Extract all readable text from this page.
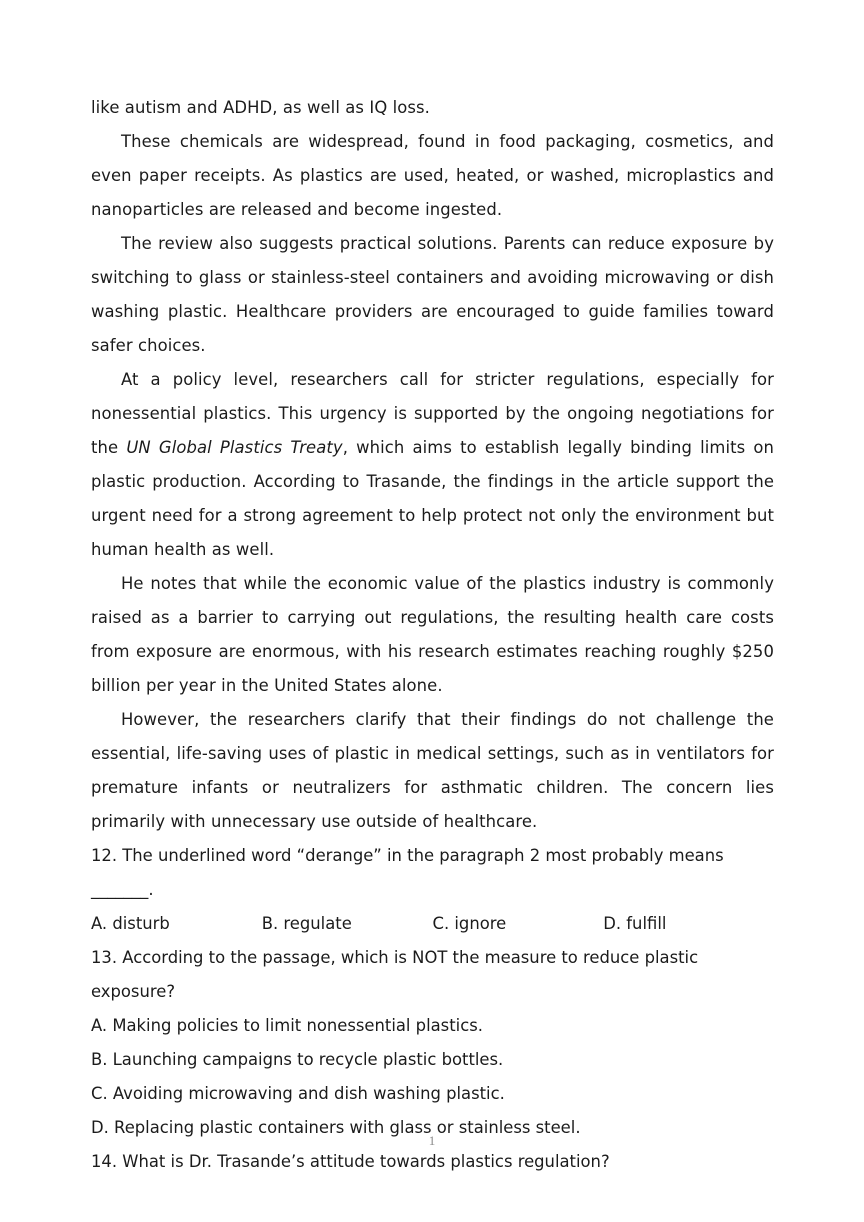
like autism and ADHD, as well as IQ loss.

These chemicals are widespread, found in food packaging, cosmetics, and even paper receipts. As plastics are used, heated, or washed, microplastics and nanoparticles are released and become ingested.

The review also suggests practical solutions. Parents can reduce exposure by switching to glass or stainless-steel containers and avoiding microwaving or dish washing plastic. Healthcare providers are encouraged to guide families toward safer choices.

At a policy level, researchers call for stricter regulations, especially for nonessential plastics. This urgency is supported by the ongoing negotiations for the UN Global Plastics Treaty, which aims to establish legally binding limits on plastic production. According to Trasande, the findings in the article support the urgent need for a strong agreement to help protect not only the environment but human health as well.

He notes that while the economic value of the plastics industry is commonly raised as a barrier to carrying out regulations, the resulting health care costs from exposure are enormous, with his research estimates reaching roughly $250 billion per year in the United States alone.

However, the researchers clarify that their findings do not challenge the essential, life-saving uses of plastic in medical settings, such as in ventilators for premature infants or neutralizers for asthmatic children. The concern lies primarily with unnecessary use outside of healthcare.

12. The underlined word “derange” in the paragraph 2 most probably means _______.

A. disturb	B. regulate	C. ignore	D. fulfill

13. According to the passage, which is NOT the measure to reduce plastic exposure?

A. Making policies to limit nonessential plastics.

B. Launching campaigns to recycle plastic bottles.

C. Avoiding microwaving and dish washing plastic.

D. Replacing plastic containers with glass or stainless steel.

14. What is Dr. Trasande’s attitude towards plastics regulation?

1
